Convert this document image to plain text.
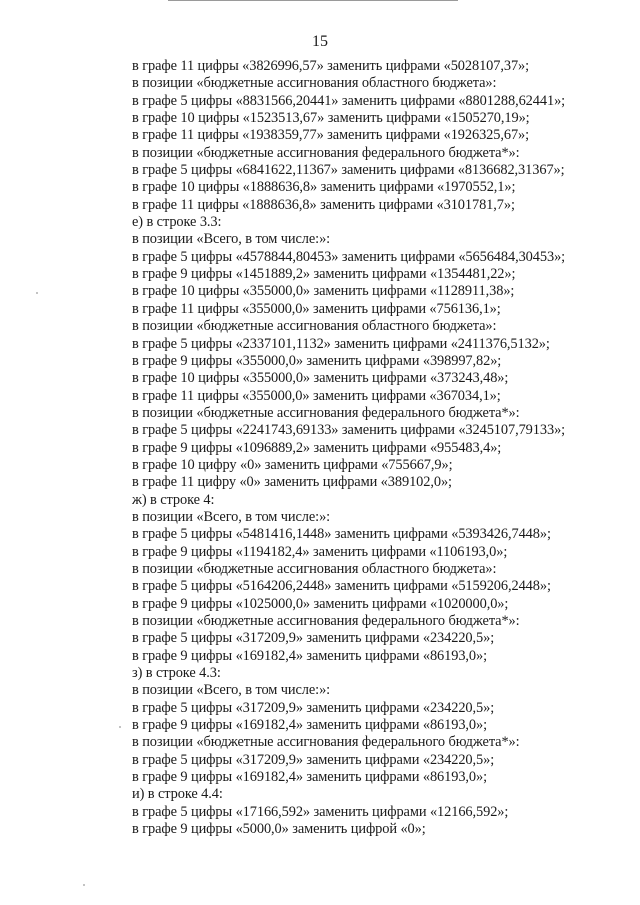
15
в графе 11 цифры «3826996,57» заменить цифрами «5028107,37»;
в позиции «бюджетные ассигнования областного бюджета»:
в графе 5 цифры «8831566,20441» заменить цифрами «8801288,62441»;
в графе 10 цифры «1523513,67» заменить цифрами «1505270,19»;
в графе 11 цифры «1938359,77» заменить цифрами «1926325,67»;
в позиции «бюджетные ассигнования федерального бюджета*»:
в графе 5 цифры «6841622,11367» заменить цифрами «8136682,31367»;
в графе 10 цифры «1888636,8» заменить цифрами «1970552,1»;
в графе 11 цифры «1888636,8» заменить цифрами «3101781,7»;
е) в строке 3.3:
в позиции «Всего, в том числе:»:
в графе 5 цифры «4578844,80453» заменить цифрами «5656484,30453»;
в графе 9 цифры «1451889,2» заменить цифрами «1354481,22»;
в графе 10 цифры «355000,0» заменить цифрами «1128911,38»;
в графе 11 цифры «355000,0» заменить цифрами «756136,1»;
в позиции «бюджетные ассигнования областного бюджета»:
в графе 5 цифры «2337101,1132» заменить цифрами «2411376,5132»;
в графе 9 цифры «355000,0» заменить цифрами «398997,82»;
в графе 10 цифры «355000,0» заменить цифрами «373243,48»;
в графе 11 цифры «355000,0» заменить цифрами «367034,1»;
в позиции «бюджетные ассигнования федерального бюджета*»:
в графе 5 цифры «2241743,69133» заменить цифрами «3245107,79133»;
в графе 9 цифры «1096889,2» заменить цифрами «955483,4»;
в графе 10 цифру «0» заменить цифрами «755667,9»;
в графе 11 цифру «0» заменить цифрами «389102,0»;
ж) в строке 4:
в позиции «Всего, в том числе:»:
в графе 5 цифры «5481416,1448» заменить цифрами «5393426,7448»;
в графе 9 цифры «1194182,4» заменить цифрами «1106193,0»;
в позиции «бюджетные ассигнования областного бюджета»:
в графе 5 цифры «5164206,2448» заменить цифрами «5159206,2448»;
в графе 9 цифры «1025000,0» заменить цифрами «1020000,0»;
в позиции «бюджетные ассигнования федерального бюджета*»:
в графе 5 цифры «317209,9» заменить цифрами «234220,5»;
в графе 9 цифры «169182,4» заменить цифрами «86193,0»;
з) в строке 4.3:
в позиции «Всего, в том числе:»:
в графе 5 цифры «317209,9» заменить цифрами «234220,5»;
в графе 9 цифры «169182,4» заменить цифрами «86193,0»;
в позиции «бюджетные ассигнования федерального бюджета*»:
в графе 5 цифры «317209,9» заменить цифрами «234220,5»;
в графе 9 цифры «169182,4» заменить цифрами «86193,0»;
и) в строке 4.4:
в графе 5 цифры «17166,592» заменить цифрами «12166,592»;
в графе 9 цифры «5000,0» заменить цифрой «0»;
